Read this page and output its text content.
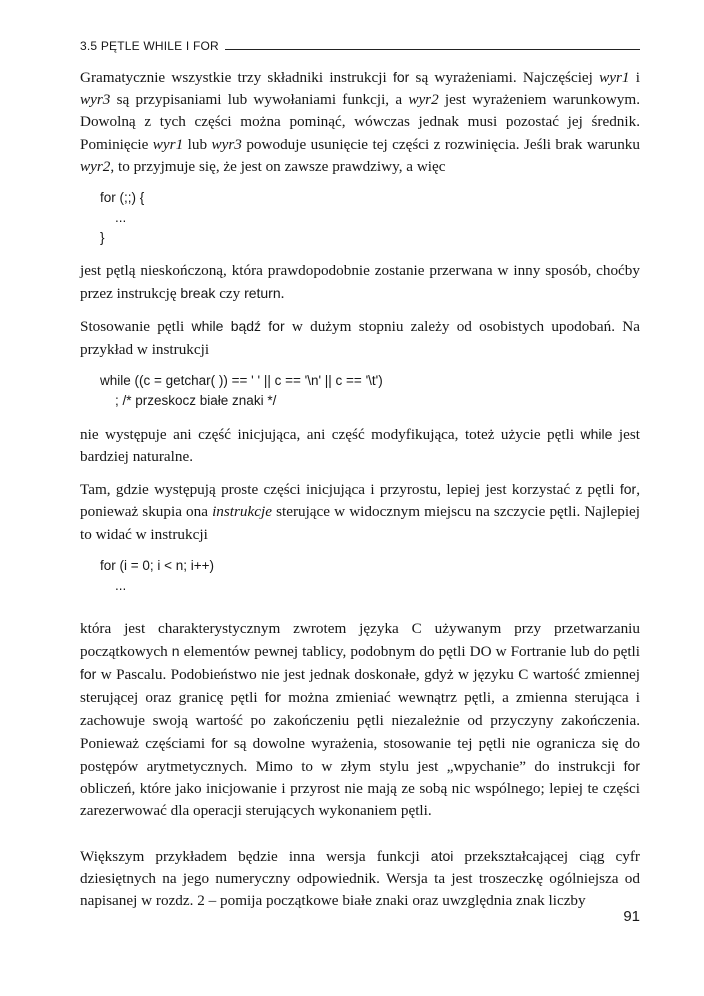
3.5 PĘTLE WHILE I FOR

Gramatycznie wszystkie trzy składniki instrukcji for są wyrażeniami. Najczęściej wyr1 i wyr3 są przypisaniami lub wywołaniami funkcji, a wyr2 jest wyrażeniem warunkowym. Dowolną z tych części można pominąć, wówczas jednak musi pozostać jej średnik. Pominięcie wyr1 lub wyr3 powoduje usunięcie tej części z rozwinięcia. Jeśli brak warunku wyr2, to przyjmuje się, że jest on zawsze prawdziwy, a więc

for (;;) {
...
}

jest pętlą nieskończoną, która prawdopodobnie zostanie przerwana w inny sposób, choćby przez instrukcję break czy return.

Stosowanie pętli while bądź for w dużym stopniu zależy od osobistych upodobań. Na przykład w instrukcji

while ((c = getchar( )) == ' ' || c == '\n' || c == '\t')
; /* przeskocz białe znaki */

nie występuje ani część inicjująca, ani część modyfikująca, toteż użycie pętli while jest bardziej naturalne.

Tam, gdzie występują proste części inicjująca i przyrostu, lepiej jest korzystać z pętli for, ponieważ skupia ona instrukcje sterujące w widocznym miejscu na szczycie pętli. Najlepiej to widać w instrukcji

for (i = 0; i < n; i++)
...

która jest charakterystycznym zwrotem języka C używanym przy przetwarzaniu początkowych n elementów pewnej tablicy, podobnym do pętli DO w Fortranie lub do pętli for w Pascalu. Podobieństwo nie jest jednak doskonałe, gdyż w języku C wartość zmiennej sterującej oraz granicę pętli for można zmieniać wewnątrz pętli, a zmienna sterująca i zachowuje swoją wartość po zakończeniu pętli niezależnie od przyczyny zakończenia. Ponieważ częściami for są dowolne wyrażenia, stosowanie tej pętli nie ogranicza się do postępów arytmetycznych. Mimo to w złym stylu jest „wpychanie” do instrukcji for obliczeń, które jako inicjowanie i przyrost nie mają ze sobą nic wspólnego; lepiej te części zarezerwować dla operacji sterujących wykonaniem pętli.

Większym przykładem będzie inna wersja funkcji atoi przekształcającej ciąg cyfr dziesiętnych na jego numeryczny odpowiednik. Wersja ta jest troszeczkę ogólniejsza od napisanej w rozdz. 2 – pomija początkowe białe znaki oraz uwzględnia znak liczby

91
